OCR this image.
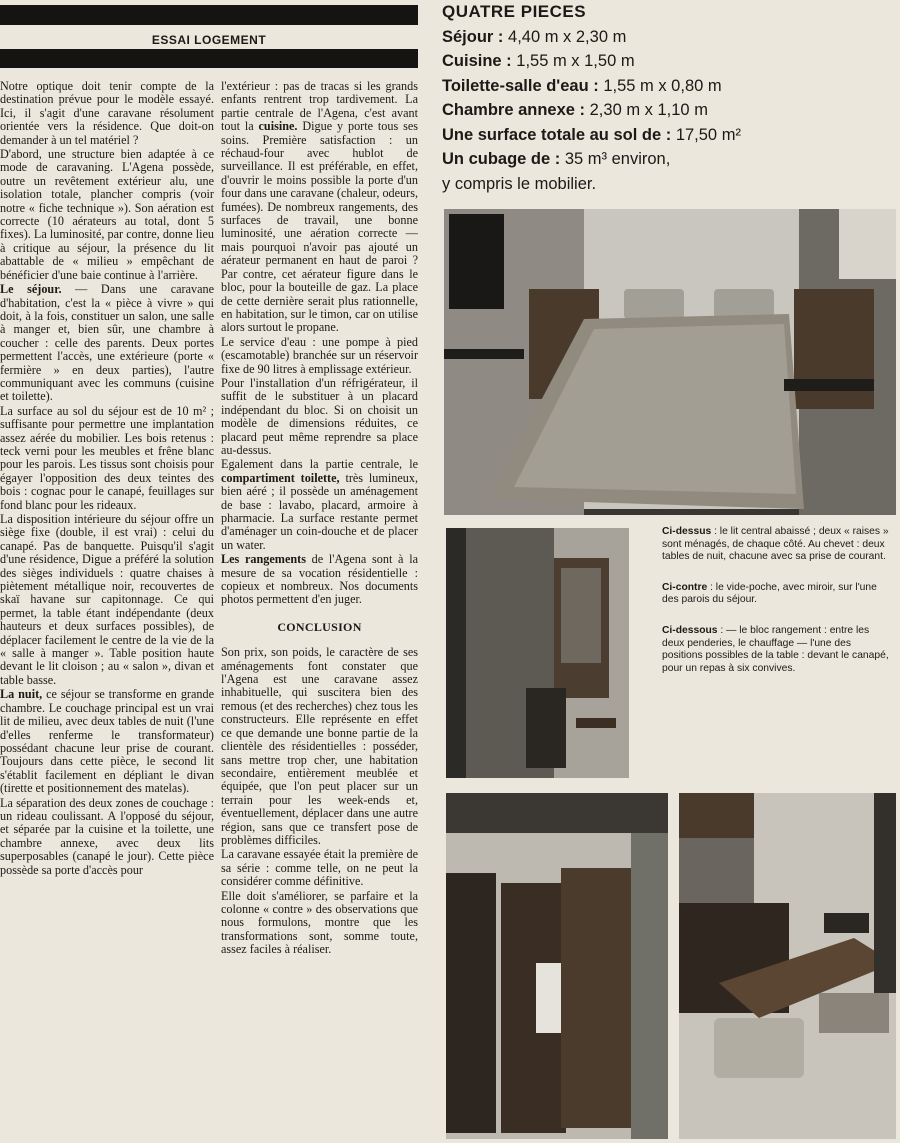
ESSAI LOGEMENT

Notre optique doit tenir compte de la destination prévue pour le modèle essayé. Ici, il s'agit d'une caravane résolument orientée vers la résidence. Que doit-on demander à un tel matériel ?

D'abord, une structure bien adaptée à ce mode de caravaning. L'Agena possède, outre un revêtement extérieur alu, une isolation totale, plancher compris (voir notre « fiche technique »). Son aération est correcte (10 aérateurs au total, dont 5 fixes). La luminosité, par contre, donne lieu à critique au séjour, la présence du lit abattable de « milieu » empêchant de bénéficier d'une baie continue à l'arrière.

Le séjour. — Dans une caravane d'habitation, c'est la « pièce à vivre » qui doit, à la fois, constituer un salon, une salle à manger et, bien sûr, une chambre à coucher : celle des parents. Deux portes permettent l'accès, une extérieure (porte « fermière » en deux parties), l'autre communiquant avec les communs (cuisine et toilette).

La surface au sol du séjour est de 10 m² ; suffisante pour permettre une implantation assez aérée du mobilier. Les bois retenus : teck verni pour les meubles et frêne blanc pour les parois. Les tissus sont choisis pour égayer l'opposition des deux teintes des bois : cognac pour le canapé, feuillages sur fond blanc pour les rideaux.

La disposition intérieure du séjour offre un siège fixe (double, il est vrai) : celui du canapé. Pas de banquette. Puisqu'il s'agit d'une résidence, Digue a préféré la solution des sièges individuels : quatre chaises à piètement métallique noir, recouvertes de skaï havane sur capitonnage. Ce qui permet, la table étant indépendante (deux hauteurs et deux surfaces possibles), de déplacer facilement le centre de la vie de la « salle à manger ». Table position haute devant le lit cloison ; au « salon », divan et table basse.

La nuit, ce séjour se transforme en grande chambre. Le couchage principal est un vrai lit de milieu, avec deux tables de nuit (l'une d'elles renferme le transformateur) possédant chacune leur prise de courant. Toujours dans cette pièce, le second lit s'établit facilement en dépliant le divan (tirette et positionnement des matelas).

La séparation des deux zones de couchage : un rideau coulissant. A l'opposé du séjour, et séparée par la cuisine et la toilette, une chambre annexe, avec deux lits superposables (canapé le jour). Cette pièce possède sa porte d'accès pour

l'extérieur : pas de tracas si les grands enfants rentrent trop tardivement. La partie centrale de l'Agena, c'est avant tout la cuisine. Digue y porte tous ses soins. Première satisfaction : un réchaud-four avec hublot de surveillance. Il est préférable, en effet, d'ouvrir le moins possible la porte d'un four dans une caravane (chaleur, odeurs, fumées). De nombreux rangements, des surfaces de travail, une bonne luminosité, une aération correcte — mais pourquoi n'avoir pas ajouté un aérateur permanent en haut de paroi ? Par contre, cet aérateur figure dans le bloc, pour la bouteille de gaz. La place de cette dernière serait plus rationnelle, en habitation, sur le timon, car on utilise alors surtout le propane.

Le service d'eau : une pompe à pied (escamotable) branchée sur un réservoir fixe de 90 litres à emplissage extérieur.

Pour l'installation d'un réfrigérateur, il suffit de le substituer à un placard indépendant du bloc. Si on choisit un modèle de dimensions réduites, ce placard peut même reprendre sa place au-dessus.

Egalement dans la partie centrale, le compartiment toilette, très lumineux, bien aéré ; il possède un aménagement de base : lavabo, placard, armoire à pharmacie. La surface restante permet d'aménager un coin-douche et de placer un water.

Les rangements de l'Agena sont à la mesure de sa vocation résidentielle : copieux et nombreux. Nos documents photos permettent d'en juger.

CONCLUSION

Son prix, son poids, le caractère de ses aménagements font constater que l'Agena est une caravane assez inhabituelle, qui suscitera bien des remous (et des recherches) chez tous les constructeurs. Elle représente en effet ce que demande une bonne partie de la clientèle des résidentielles : posséder, sans mettre trop cher, une habitation secondaire, entièrement meublée et équipée, que l'on peut placer sur un terrain pour les week-ends et, éventuellement, déplacer dans une autre région, sans que ce transfert pose de problèmes difficiles.

La caravane essayée était la première de sa série : comme telle, on ne peut la considérer comme définitive.

Elle doit s'améliorer, se parfaire et la colonne « contre » des observations que nous formulons, montre que les transformations sont, somme toute, assez faciles à réaliser.

QUATRE PIECES
Séjour : 4,40 m x 2,30 m
Cuisine : 1,55 m x 1,50 m
Toilette-salle d'eau : 1,55 m x 0,80 m
Chambre annexe : 2,30 m x 1,10 m
Une surface totale au sol de : 17,50 m²
Un cubage de : 35 m³ environ,
y compris le mobilier.

Ci-dessus : le lit central abaissé ; deux « raises » sont ménagés, de chaque côté. Au chevet : deux tables de nuit, chacune avec sa prise de courant.

Ci-contre : le vide-poche, avec miroir, sur l'une des parois du séjour.

Ci-dessous : — le bloc rangement : entre les deux penderies, le chauffage — l'une des positions possibles de la table : devant le canapé, pour un repas à six convives.
